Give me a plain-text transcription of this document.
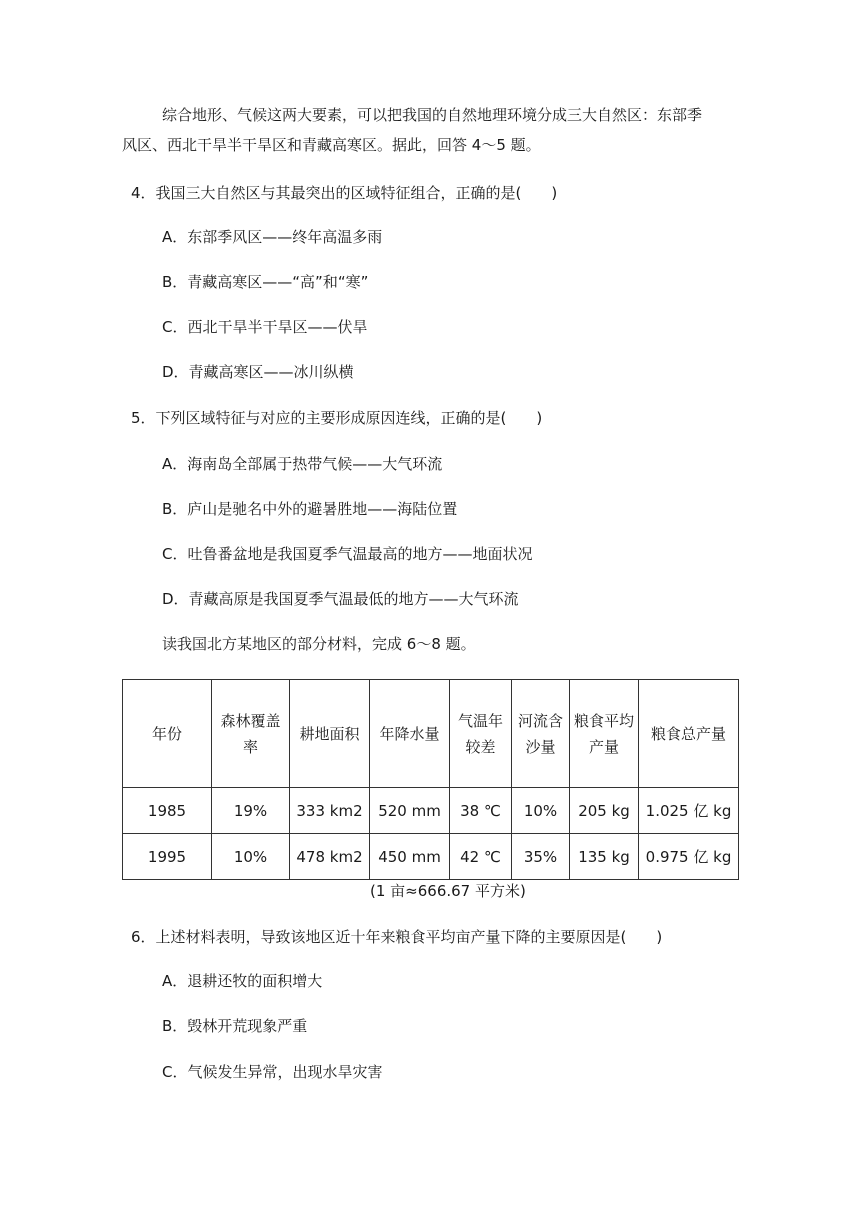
综合地形、气候这两大要素，可以把我国的自然地理环境分成三大自然区：东部季
风区、西北干旱半干旱区和青藏高寒区。据此，回答 4～5 题。
4．我国三大自然区与其最突出的区域特征组合，正确的是(　　)
A．东部季风区——终年高温多雨
B．青藏高寒区——“高”和“寒”
C．西北干旱半干旱区——伏旱
D．青藏高寒区——冰川纵横
5．下列区域特征与对应的主要形成原因连线，正确的是(　　)
A．海南岛全部属于热带气候——大气环流
B．庐山是驰名中外的避暑胜地——海陆位置
C．吐鲁番盆地是我国夏季气温最高的地方——地面状况
D．青藏高原是我国夏季气温最低的地方——大气环流
读我国北方某地区的部分材料，完成 6～8 题。
年份	森林覆盖率	耕地面积	年降水量	气温年较差	河流含沙量	粮食平均产量	粮食总产量
1985	19%	333 km2	520 mm	38 ℃	10%	205 kg	1.025 亿 kg
1995	10%	478 km2	450 mm	42 ℃	35%	135 kg	0.975 亿 kg
(1 亩≈666.67 平方米)
6．上述材料表明，导致该地区近十年来粮食平均亩产量下降的主要原因是(　　)
A．退耕还牧的面积增大
B．毁林开荒现象严重
C．气候发生异常，出现水旱灾害
